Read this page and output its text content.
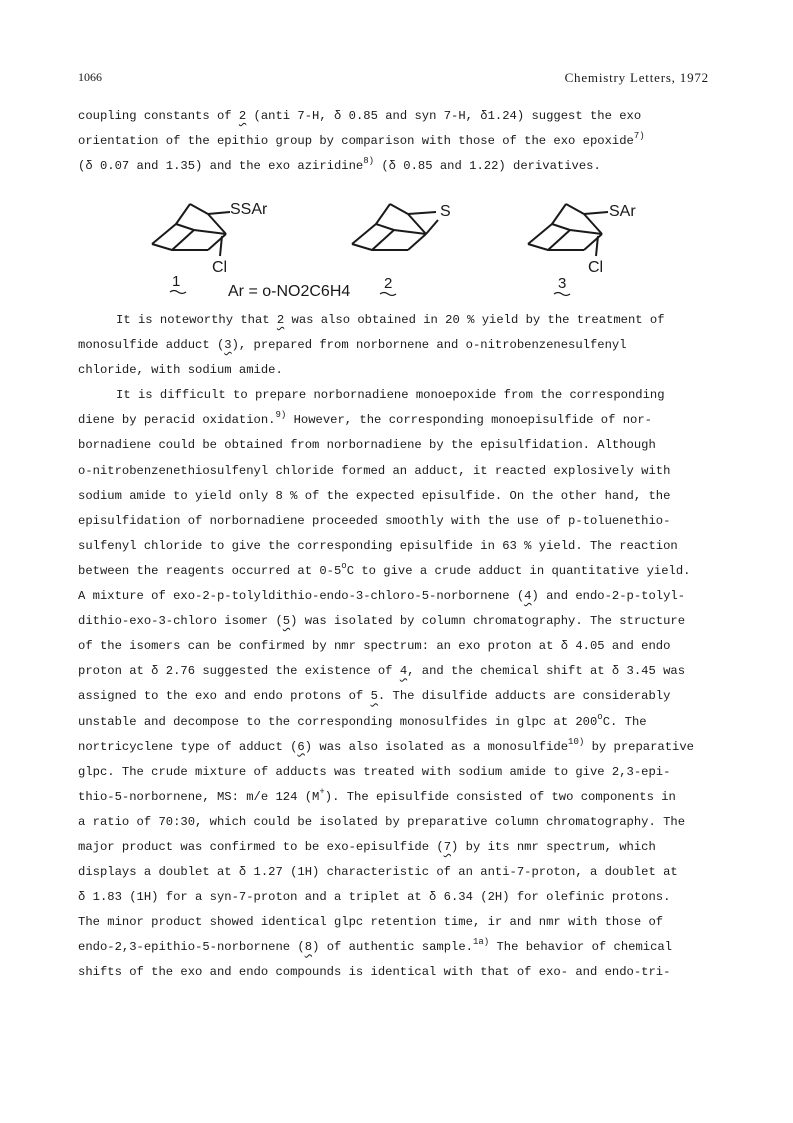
1066	Chemistry Letters, 1972
coupling constants of 2 (anti 7-H, δ 0.85 and syn 7-H, δ1.24) suggest the exo
orientation of the epithio group by comparison with those of the exo epoxide$^{7)}$
(δ 0.07 and 1.35) and the exo aziridine$^{8)}$ (δ 0.85 and 1.22) derivatives.
SSAr
Cl
1
Ar = o-NO2C6H4
S
2
SAr
Cl
3
It is noteworthy that 2 was also obtained in 20 % yield by the treatment of
monosulfide adduct (3), prepared from norbornene and o-nitrobenzenesulfenyl
chloride, with sodium amide.
It is difficult to prepare norbornadiene monoepoxide from the corresponding
diene by peracid oxidation.$^{9)}$ However, the corresponding monoepisulfide of nor-
bornadiene could be obtained from norbornadiene by the episulfidation. Although
o-nitrobenzenethiosulfenyl chloride formed an adduct, it reacted explosively with
sodium amide to yield only 8 % of the expected episulfide. On the other hand, the
episulfidation of norbornadiene proceeded smoothly with the use of p-toluenethio-
sulfenyl chloride to give the corresponding episulfide in 63 % yield. The reaction
between the reagents occurred at 0-5$^o$C to give a crude adduct in quantitative yield.
A mixture of exo-2-p-tolyldithio-endo-3-chloro-5-norbornene (4) and endo-2-p-tolyl-
dithio-exo-3-chloro isomer (5) was isolated by column chromatography. The structure
of the isomers can be confirmed by nmr spectrum: an exo proton at δ 4.05 and endo
proton at δ 2.76 suggested the existence of 4, and the chemical shift at δ 3.45 was
assigned to the exo and endo protons of 5. The disulfide adducts are considerably
unstable and decompose to the corresponding monosulfides in glpc at 200$^o$C. The
nortricyclene type of adduct (6) was also isolated as a monosulfide$^{10)}$ by preparative
glpc. The crude mixture of adducts was treated with sodium amide to give 2,3-epi-
thio-5-norbornene, MS: m/e 124 (M+). The episulfide consisted of two components in
a ratio of 70:30, which could be isolated by preparative column chromatography. The
major product was confirmed to be exo-episulfide (7) by its nmr spectrum, which
displays a doublet at δ 1.27 (1H) characteristic of an anti-7-proton, a doublet at
δ 1.83 (1H) for a syn-7-proton and a triplet at δ 6.34 (2H) for olefinic protons.
The minor product showed identical glpc retention time, ir and nmr with those of
endo-2,3-epithio-5-norbornene (8) of authentic sample.$^{1a)}$ The behavior of chemical
shifts of the exo and endo compounds is identical with that of exo- and endo-tri-
